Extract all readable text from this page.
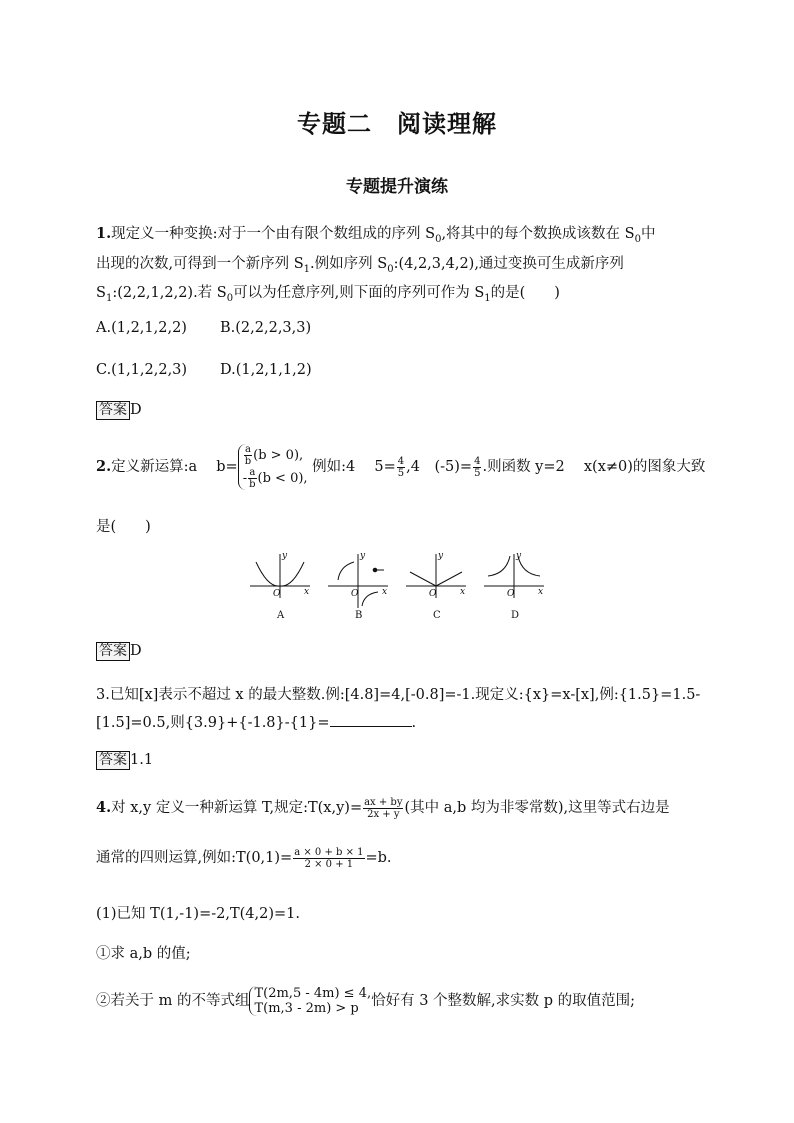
专题二　阅读理解
专题提升演练
1.现定义一种变换:对于一个由有限个数组成的序列 $S_0$,将其中的每个数换成该数在 $S_0$中
出现的次数,可得到一个新序列 $S_1$.例如序列 $S_0:(4,2,3,4,2)$,通过变换可生成新序列
$S_1:(2,2,1,2,2)$.若 $S_0$可以为任意序列,则下面的序列可作为 $S_1$的是(　　)
A.(1,2,1,2,2) B.(2,2,2,3,3)
C.(1,1,2,2,3) D.(1,2,1,1,2)
答案 D
2.定义新运算:a　 $b= \frac{a}{b} (b > 0)$,
- $\frac{a}{b} (b < 0)$, 例如:4　 $5= \frac{4}{5} ,4$　$(-5)= \frac{4}{5}$ .则函数 y=2　 x(x≠0)的图象大致
是(　　)
O	x
y
O	x
y
O	x
y
O	x
y
A	B	C	D
答案 D
3.已知[x]表示不超过 x 的最大整数.例:[4.8]=4,[-0.8]=-1.现定义:{x}=x-[x],例:{1.5}=1.5-
[1.5]=0.5,则{3.9}+{-1.8}-{1}=	.
答案 1.1
4.对 x,y 定义一种新运算 T,规定:T(x,y)= $\frac{ax + by}{2x + y}$ (其中 a,b 均为非零常数),这里等式右边是
通常的四则运算,例如:T(0,1)= $\frac{a \times 0 + b \times 1}{2 \times 0 + 1} =b$.
(1)已知 T(1,-1)=-2,T(4,2)=1.
①求 a,b 的值;
②若关于 m 的不等式组 T(2m,5 - 4m) ≤ 4,
T(m,3 - 2m) > p 恰好有 3 个整数解,求实数 p 的取值范围;
